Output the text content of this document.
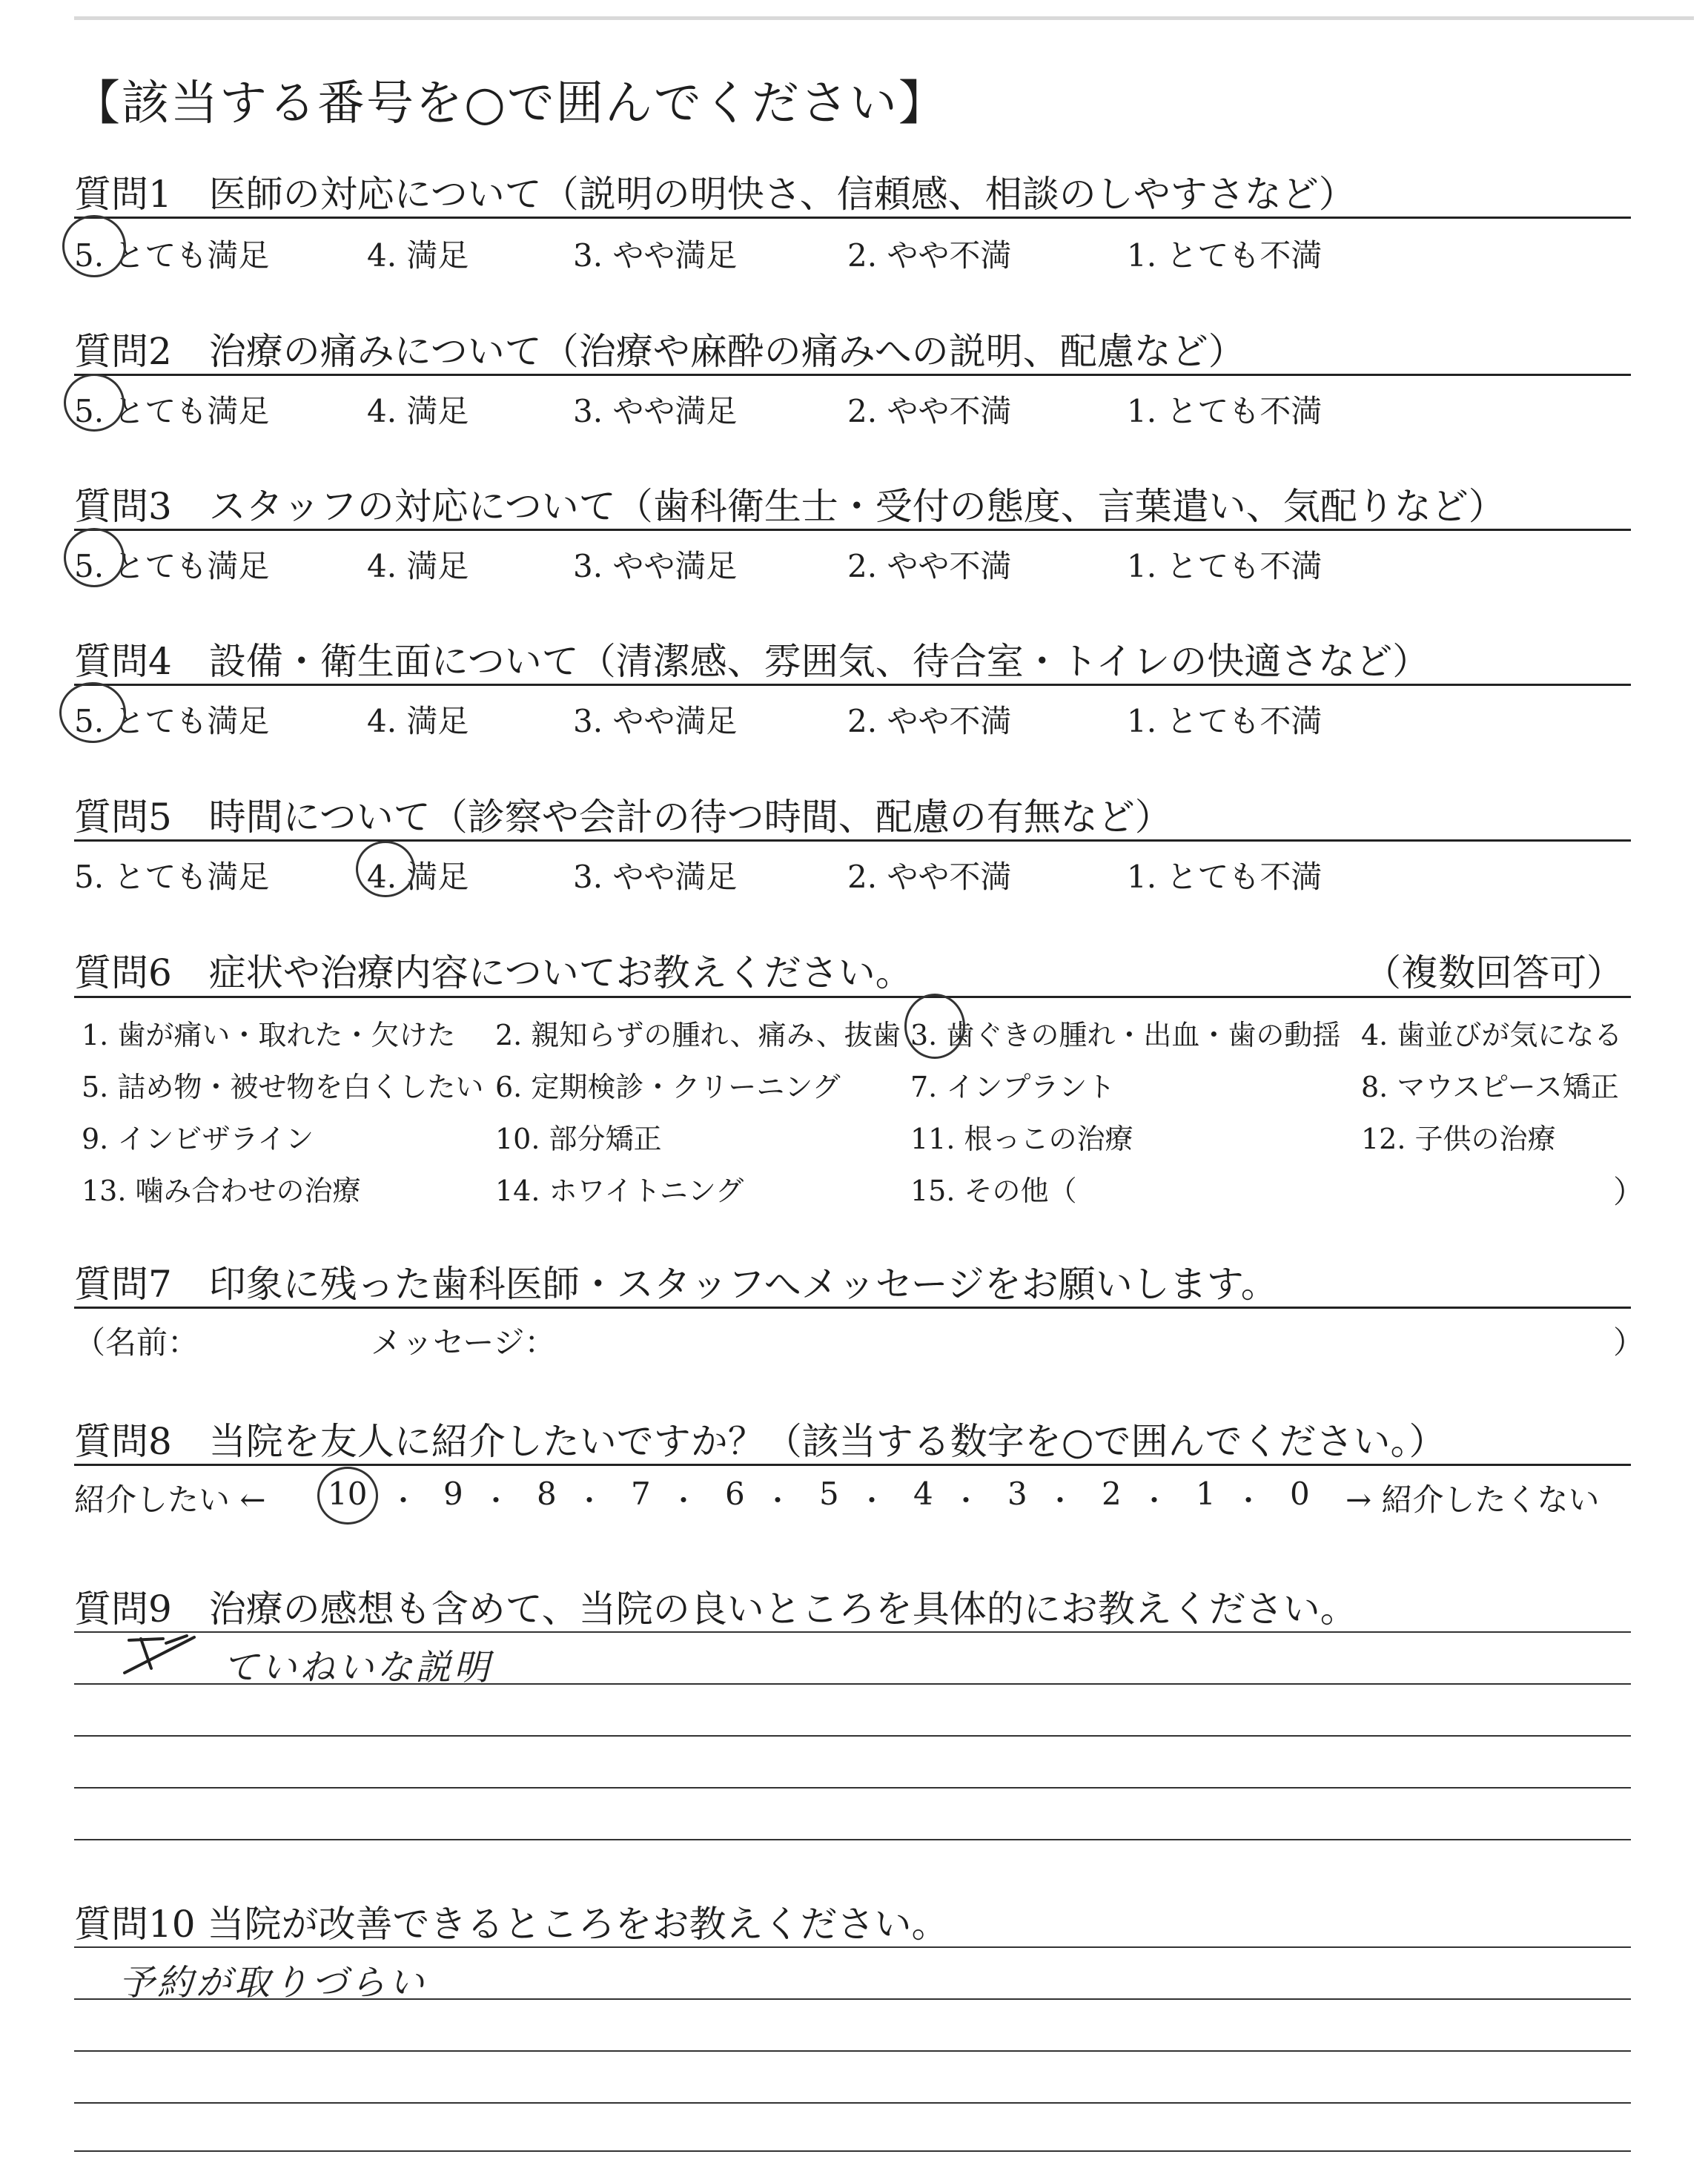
【該当する番号を○で囲んでください】
質問1　医師の対応について（説明の明快さ、信頼感、相談のしやすさなど）
5. とても満足	4. 満足	3. やや満足	2. やや不満	1. とても不満
質問2　治療の痛みについて（治療や麻酔の痛みへの説明、配慮など）
5. とても満足	4. 満足	3. やや満足	2. やや不満	1. とても不満
質問3　スタッフの対応について（歯科衛生士・受付の態度、言葉遣い、気配りなど）
5. とても満足	4. 満足	3. やや満足	2. やや不満	1. とても不満
質問4　設備・衛生面について（清潔感、雰囲気、待合室・トイレの快適さなど）
5. とても満足	4. 満足	3. やや満足	2. やや不満	1. とても不満
質問5　時間について（診察や会計の待つ時間、配慮の有無など）
5. とても満足	4. 満足	3. やや満足	2. やや不満	1. とても不満
質問6　症状や治療内容についてお教えください。	（複数回答可）
1. 歯が痛い・取れた・欠けた 2. 親知らずの腫れ、痛み、抜歯 3. 歯ぐきの腫れ・出血・歯の動揺 4. 歯並びが気になる
5. 詰め物・被せ物を白くしたい 6. 定期検診・クリーニング 7. インプラント	8. マウスピース矯正
9. インビザライン	10. 部分矯正	11. 根っこの治療	12. 子供の治療
13. 噛み合わせの治療	14. ホワイトニング	15. その他（	）
質問7　印象に残った歯科医師・スタッフへメッセージをお願いします。
（名前：	メッセージ：	）
質問8　当院を友人に紹介したいですか？（該当する数字を○で囲んでください。）
紹介したい ←	→ 紹介したくない
10 ・ 9 ・ 8 ・ 7 ・ 6 ・ 5 ・ 4 ・ 3 ・ 2 ・ 1 ・ 0
質問9　治療の感想も含めて、当院の良いところを具体的にお教えください。
ていねいな説明
質問10 当院が改善できるところをお教えください。
予約が取りづらい
